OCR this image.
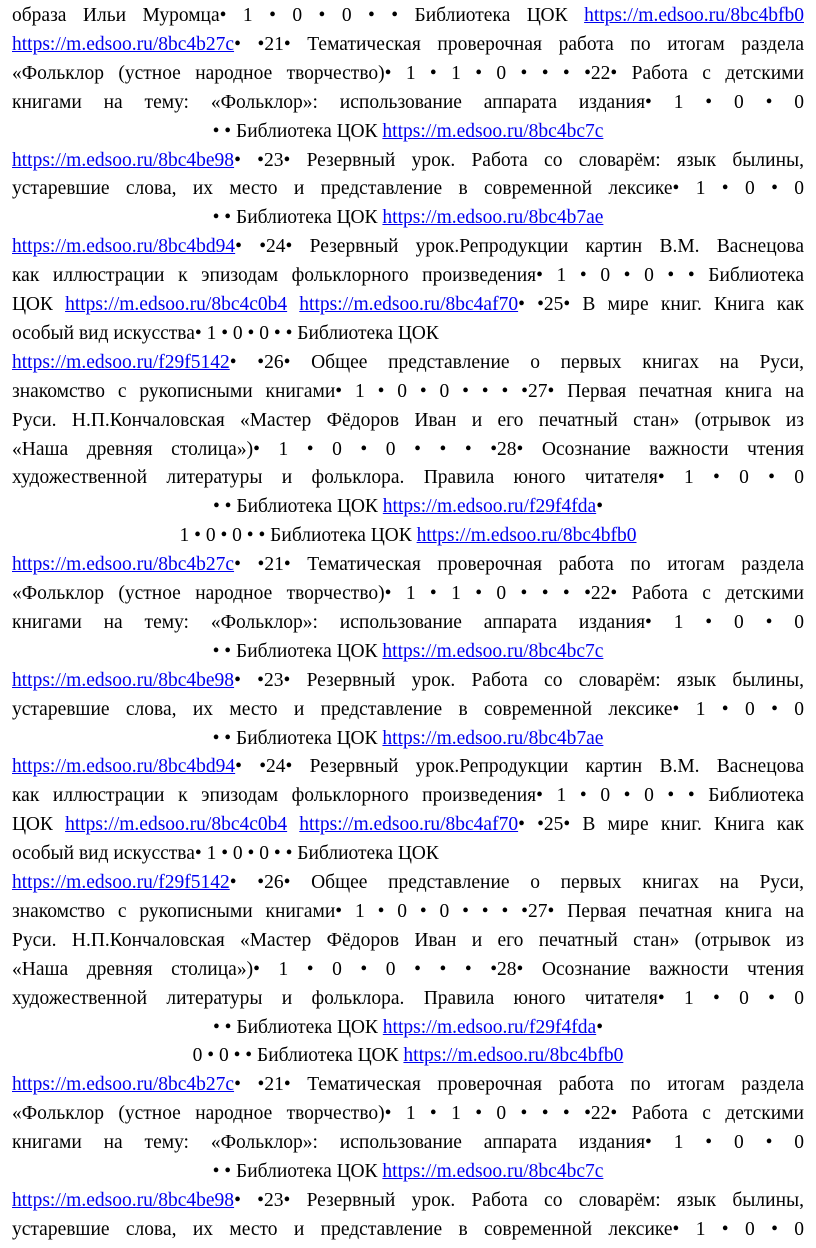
образа Ильи Муромца• 1 • 0 • 0 • • Библиотека ЦОК https://m.edsoo.ru/8bc4bfb0
https://m.edsoo.ru/8bc4b27c• •21• Тематическая проверочная работа по итогам раздела
«Фольклор (устное народное творчество)• 1 • 1 • 0 • • • •22• Работа с детскими
книгами на тему: «Фольклор»: использование аппарата издания• 1 • 0 • 0
• • Библиотека ЦОК https://m.edsoo.ru/8bc4bc7c
https://m.edsoo.ru/8bc4be98• •23• Резервный урок. Работа со словарём: язык былины,
устаревшие слова, их место и представление в современной лексике• 1 • 0 • 0
• • Библиотека ЦОК https://m.edsoo.ru/8bc4b7ae
https://m.edsoo.ru/8bc4bd94• •24• Резервный урок.Репродукции картин В.М. Васнецова
как иллюстрации к эпизодам фольклорного произведения• 1 • 0 • 0 • • Библиотека
ЦОК https://m.edsoo.ru/8bc4c0b4 https://m.edsoo.ru/8bc4af70• •25• В мире книг. Книга как
особый вид искусства• 1 • 0 • 0 • • Библиотека ЦОК
https://m.edsoo.ru/f29f5142• •26• Общее представление о первых книгах на Руси,
знакомство с рукописными книгами• 1 • 0 • 0 • • • •27• Первая печатная книга на
Руси. Н.П.Кончаловская «Мастер Фёдоров Иван и его печатный стан» (отрывок из
«Наша древняя столица»)• 1 • 0 • 0 • • • •28• Осознание важности чтения
художественной литературы и фольклора. Правила юного читателя• 1 • 0 • 0
• • Библиотека ЦОК https://m.edsoo.ru/f29f4fda•
1 • 0 • 0 • • Библиотека ЦОК https://m.edsoo.ru/8bc4bfb0
https://m.edsoo.ru/8bc4b27c• •21• Тематическая проверочная работа по итогам раздела
«Фольклор (устное народное творчество)• 1 • 1 • 0 • • • •22• Работа с детскими
книгами на тему: «Фольклор»: использование аппарата издания• 1 • 0 • 0
• • Библиотека ЦОК https://m.edsoo.ru/8bc4bc7c
https://m.edsoo.ru/8bc4be98• •23• Резервный урок. Работа со словарём: язык былины,
устаревшие слова, их место и представление в современной лексике• 1 • 0 • 0
• • Библиотека ЦОК https://m.edsoo.ru/8bc4b7ae
https://m.edsoo.ru/8bc4bd94• •24• Резервный урок.Репродукции картин В.М. Васнецова
как иллюстрации к эпизодам фольклорного произведения• 1 • 0 • 0 • • Библиотека
ЦОК https://m.edsoo.ru/8bc4c0b4 https://m.edsoo.ru/8bc4af70• •25• В мире книг. Книга как
особый вид искусства• 1 • 0 • 0 • • Библиотека ЦОК
https://m.edsoo.ru/f29f5142• •26• Общее представление о первых книгах на Руси,
знакомство с рукописными книгами• 1 • 0 • 0 • • • •27• Первая печатная книга на
Руси. Н.П.Кончаловская «Мастер Фёдоров Иван и его печатный стан» (отрывок из
«Наша древняя столица»)• 1 • 0 • 0 • • • •28• Осознание важности чтения
художественной литературы и фольклора. Правила юного читателя• 1 • 0 • 0
• • Библиотека ЦОК https://m.edsoo.ru/f29f4fda•
0 • 0 • • Библиотека ЦОК https://m.edsoo.ru/8bc4bfb0
https://m.edsoo.ru/8bc4b27c• •21• Тематическая проверочная работа по итогам раздела
«Фольклор (устное народное творчество)• 1 • 1 • 0 • • • •22• Работа с детскими
книгами на тему: «Фольклор»: использование аппарата издания• 1 • 0 • 0
• • Библиотека ЦОК https://m.edsoo.ru/8bc4bc7c
https://m.edsoo.ru/8bc4be98• •23• Резервный урок. Работа со словарём: язык былины,
устаревшие слова, их место и представление в современной лексике• 1 • 0 • 0
